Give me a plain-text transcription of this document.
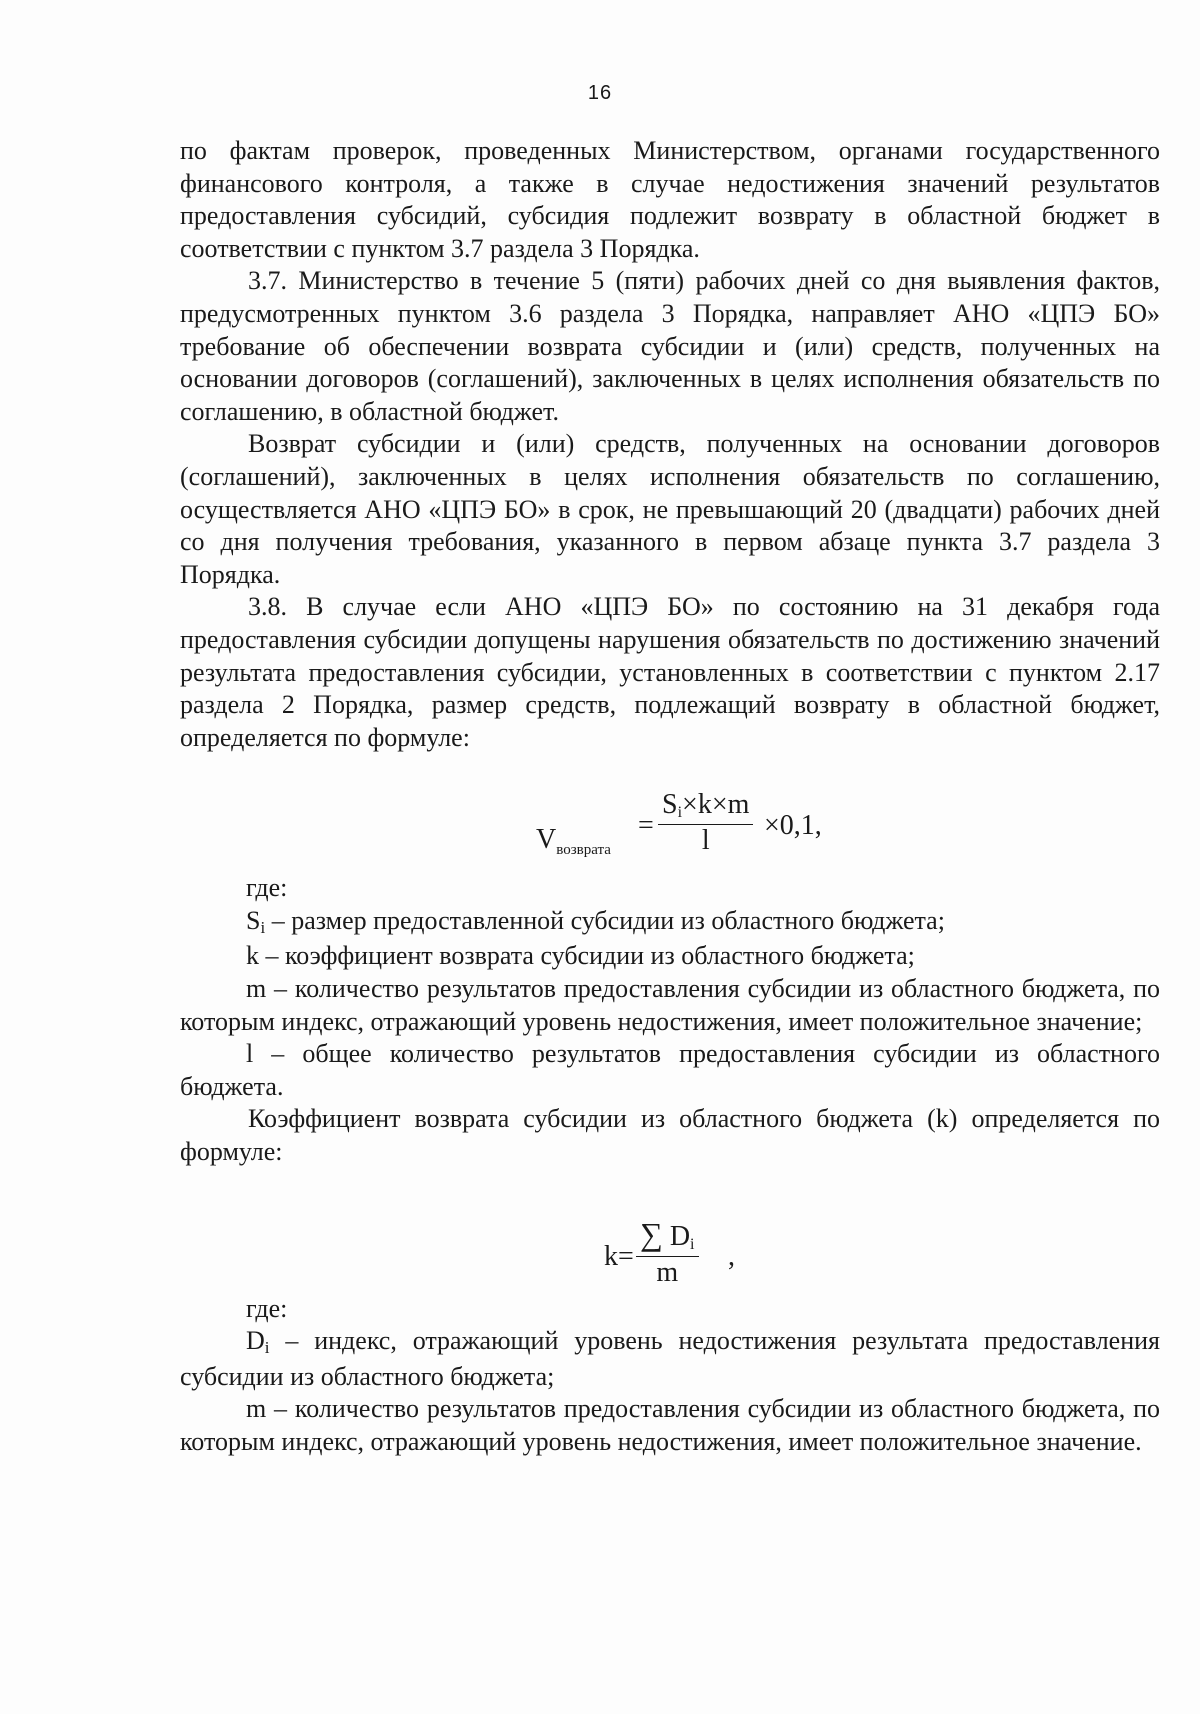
16

по фактам проверок, проведенных Министерством, органами государственного финансового контроля, а также в случае недостижения значений результатов предоставления субсидий, субсидия подлежит возврату в областной бюджет в соответствии с пунктом 3.7 раздела 3 Порядка.

3.7. Министерство в течение 5 (пяти) рабочих дней со дня выявления фактов, предусмотренных пунктом 3.6 раздела 3 Порядка, направляет АНО «ЦПЭ БО» требование об обеспечении возврата субсидии и (или) средств, полученных на основании договоров (соглашений), заключенных в целях исполнения обязательств по соглашению, в областной бюджет.

Возврат субсидии и (или) средств, полученных на основании договоров (соглашений), заключенных в целях исполнения обязательств по соглашению, осуществляется АНО «ЦПЭ БО» в срок, не превышающий 20 (двадцати) рабочих дней со дня получения требования, указанного в первом абзаце пункта 3.7 раздела 3 Порядка.

3.8. В случае если АНО «ЦПЭ БО» по состоянию на 31 декабря года предоставления субсидии допущены нарушения обязательств по достижению значений результата предоставления субсидии, установленных в соответствии с пунктом 2.17 раздела 2 Порядка, размер средств, подлежащий возврату в областной бюджет, определяется по формуле:

$V_{возврата}$
= $\frac{Si\times k\times m}{l} \times 0,1$,

где:

Si – размер предоставленной субсидии из областного бюджета;

k – коэффициент возврата субсидии из областного бюджета;

m – количество результатов предоставления субсидии из областного бюджета, по которым индекс, отражающий уровень недостижения, имеет положительное значение;

l – общее количество результатов предоставления субсидии из областного бюджета.

Коэффициент возврата субсидии из областного бюджета (k) определяется по формуле:

$k= \frac{\sum Di}{m}$ ,

где:

Di – индекс, отражающий уровень недостижения результата предоставления субсидии из областного бюджета;

m – количество результатов предоставления субсидии из областного бюджета, по которым индекс, отражающий уровень недостижения, имеет положительное значение.
